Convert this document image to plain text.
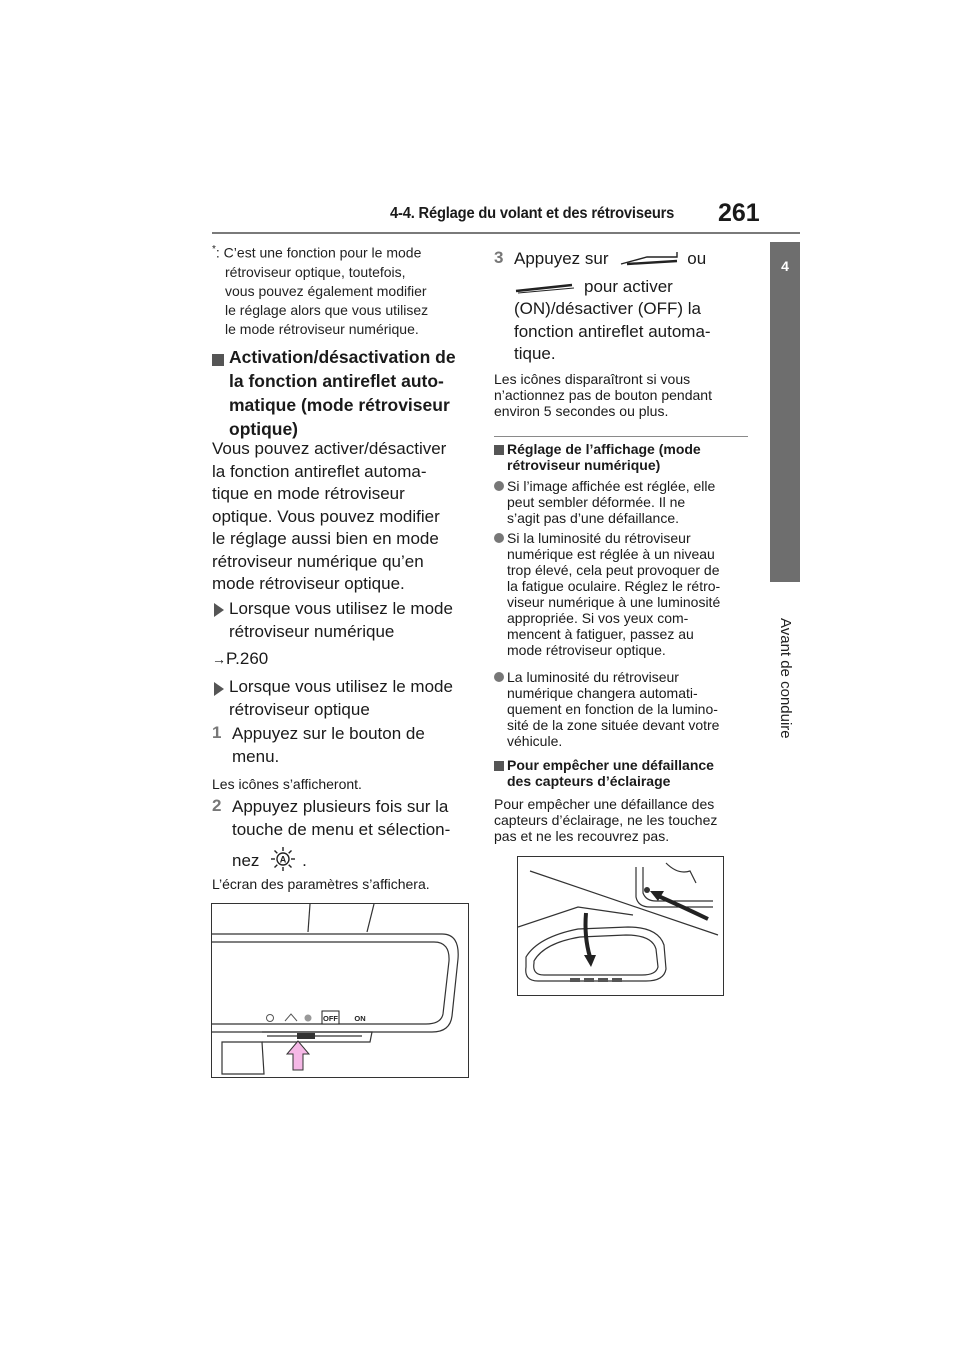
4-4. Réglage du volant et des rétroviseurs 261
4
Avant de conduire
*: C’est une fonction pour le mode
rétroviseur optique, toutefois,
vous pouvez également modifier
le réglage alors que vous utilisez
le mode rétroviseur numérique.
Activation/désactivation de
la fonction antireflet auto-
matique (mode rétroviseur
optique)
Vous pouvez activer/désactiver
la fonction antireflet automa-
tique en mode rétroviseur
optique. Vous pouvez modifier
le réglage aussi bien en mode
rétroviseur numérique qu’en
mode rétroviseur optique.
Lorsque vous utilisez le mode
rétroviseur numérique
→P.260
Lorsque vous utilisez le mode
rétroviseur optique
1 Appuyez sur le bouton de
menu.
Les icônes s’afficheront.
2 Appuyez plusieurs fois sur la
touche de menu et sélection-
nez A .
L’écran des paramètres s’affichera.
OFF ON
3 Appuyez sur	ou
pour activer
(ON)/désactiver (OFF) la
fonction antireflet automa-
tique.
Les icônes disparaîtront si vous
n’actionnez pas de bouton pendant
environ 5 secondes ou plus.
Réglage de l’affichage (mode
rétroviseur numérique)
Si l’image affichée est réglée, elle
peut sembler déformée. Il ne
s’agit pas d’une défaillance.
Si la luminosité du rétroviseur
numérique est réglée à un niveau
trop élevé, cela peut provoquer de
la fatigue oculaire. Réglez le rétro-
viseur numérique à une luminosité
appropriée. Si vos yeux com-
mencent à fatiguer, passez au
mode rétroviseur optique.
La luminosité du rétroviseur
numérique changera automati-
quement en fonction de la lumino-
sité de la zone située devant votre
véhicule.
Pour empêcher une défaillance
des capteurs d’éclairage
Pour empêcher une défaillance des
capteurs d’éclairage, ne les touchez
pas et ne les recouvrez pas.
